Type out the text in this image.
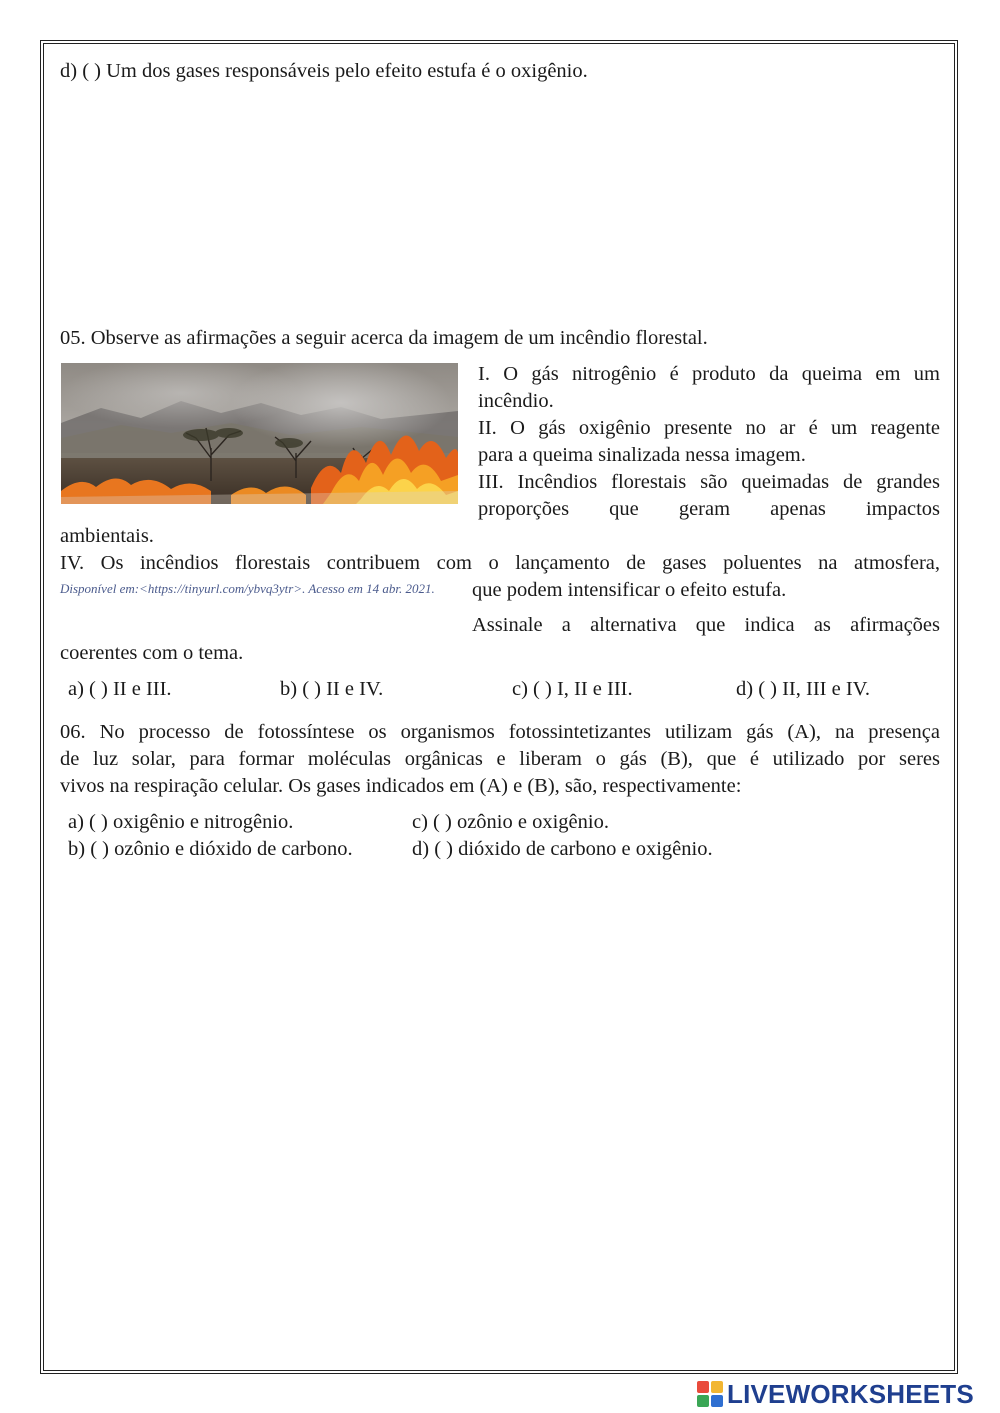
d) ( ) Um dos gases responsáveis pelo efeito estufa é o oxigênio.
05. Observe as afirmações a seguir acerca da imagem de um incêndio florestal.
I. O gás nitrogênio é produto da queima em um
incêndio.
II. O gás oxigênio presente no ar é um reagente
para a queima sinalizada nessa imagem.
III. Incêndios florestais são queimadas de grandes
proporções que geram apenas impactos
ambientais.
IV. Os incêndios florestais contribuem com o lançamento de gases poluentes na atmosfera,
que podem intensificar o efeito estufa.
Disponível em:<https://tinyurl.com/ybvq3ytr>. Acesso em 14 abr. 2021.
Assinale a alternativa que indica as afirmações
coerentes com o tema.
a) ( ) II e III.	b) ( ) II e IV.	c) ( ) I, II e III.	d) ( ) II, III e IV.
06. No processo de fotossíntese os organismos fotossintetizantes utilizam gás (A), na presença
de luz solar, para formar moléculas orgânicas e liberam o gás (B), que é utilizado por seres
vivos na respiração celular. Os gases indicados em (A) e (B), são, respectivamente:
a) ( ) oxigênio e nitrogênio.
b) ( ) ozônio e dióxido de carbono.
c) ( ) ozônio e oxigênio.
d) ( ) dióxido de carbono e oxigênio.
LIVEWORKSHEETS
